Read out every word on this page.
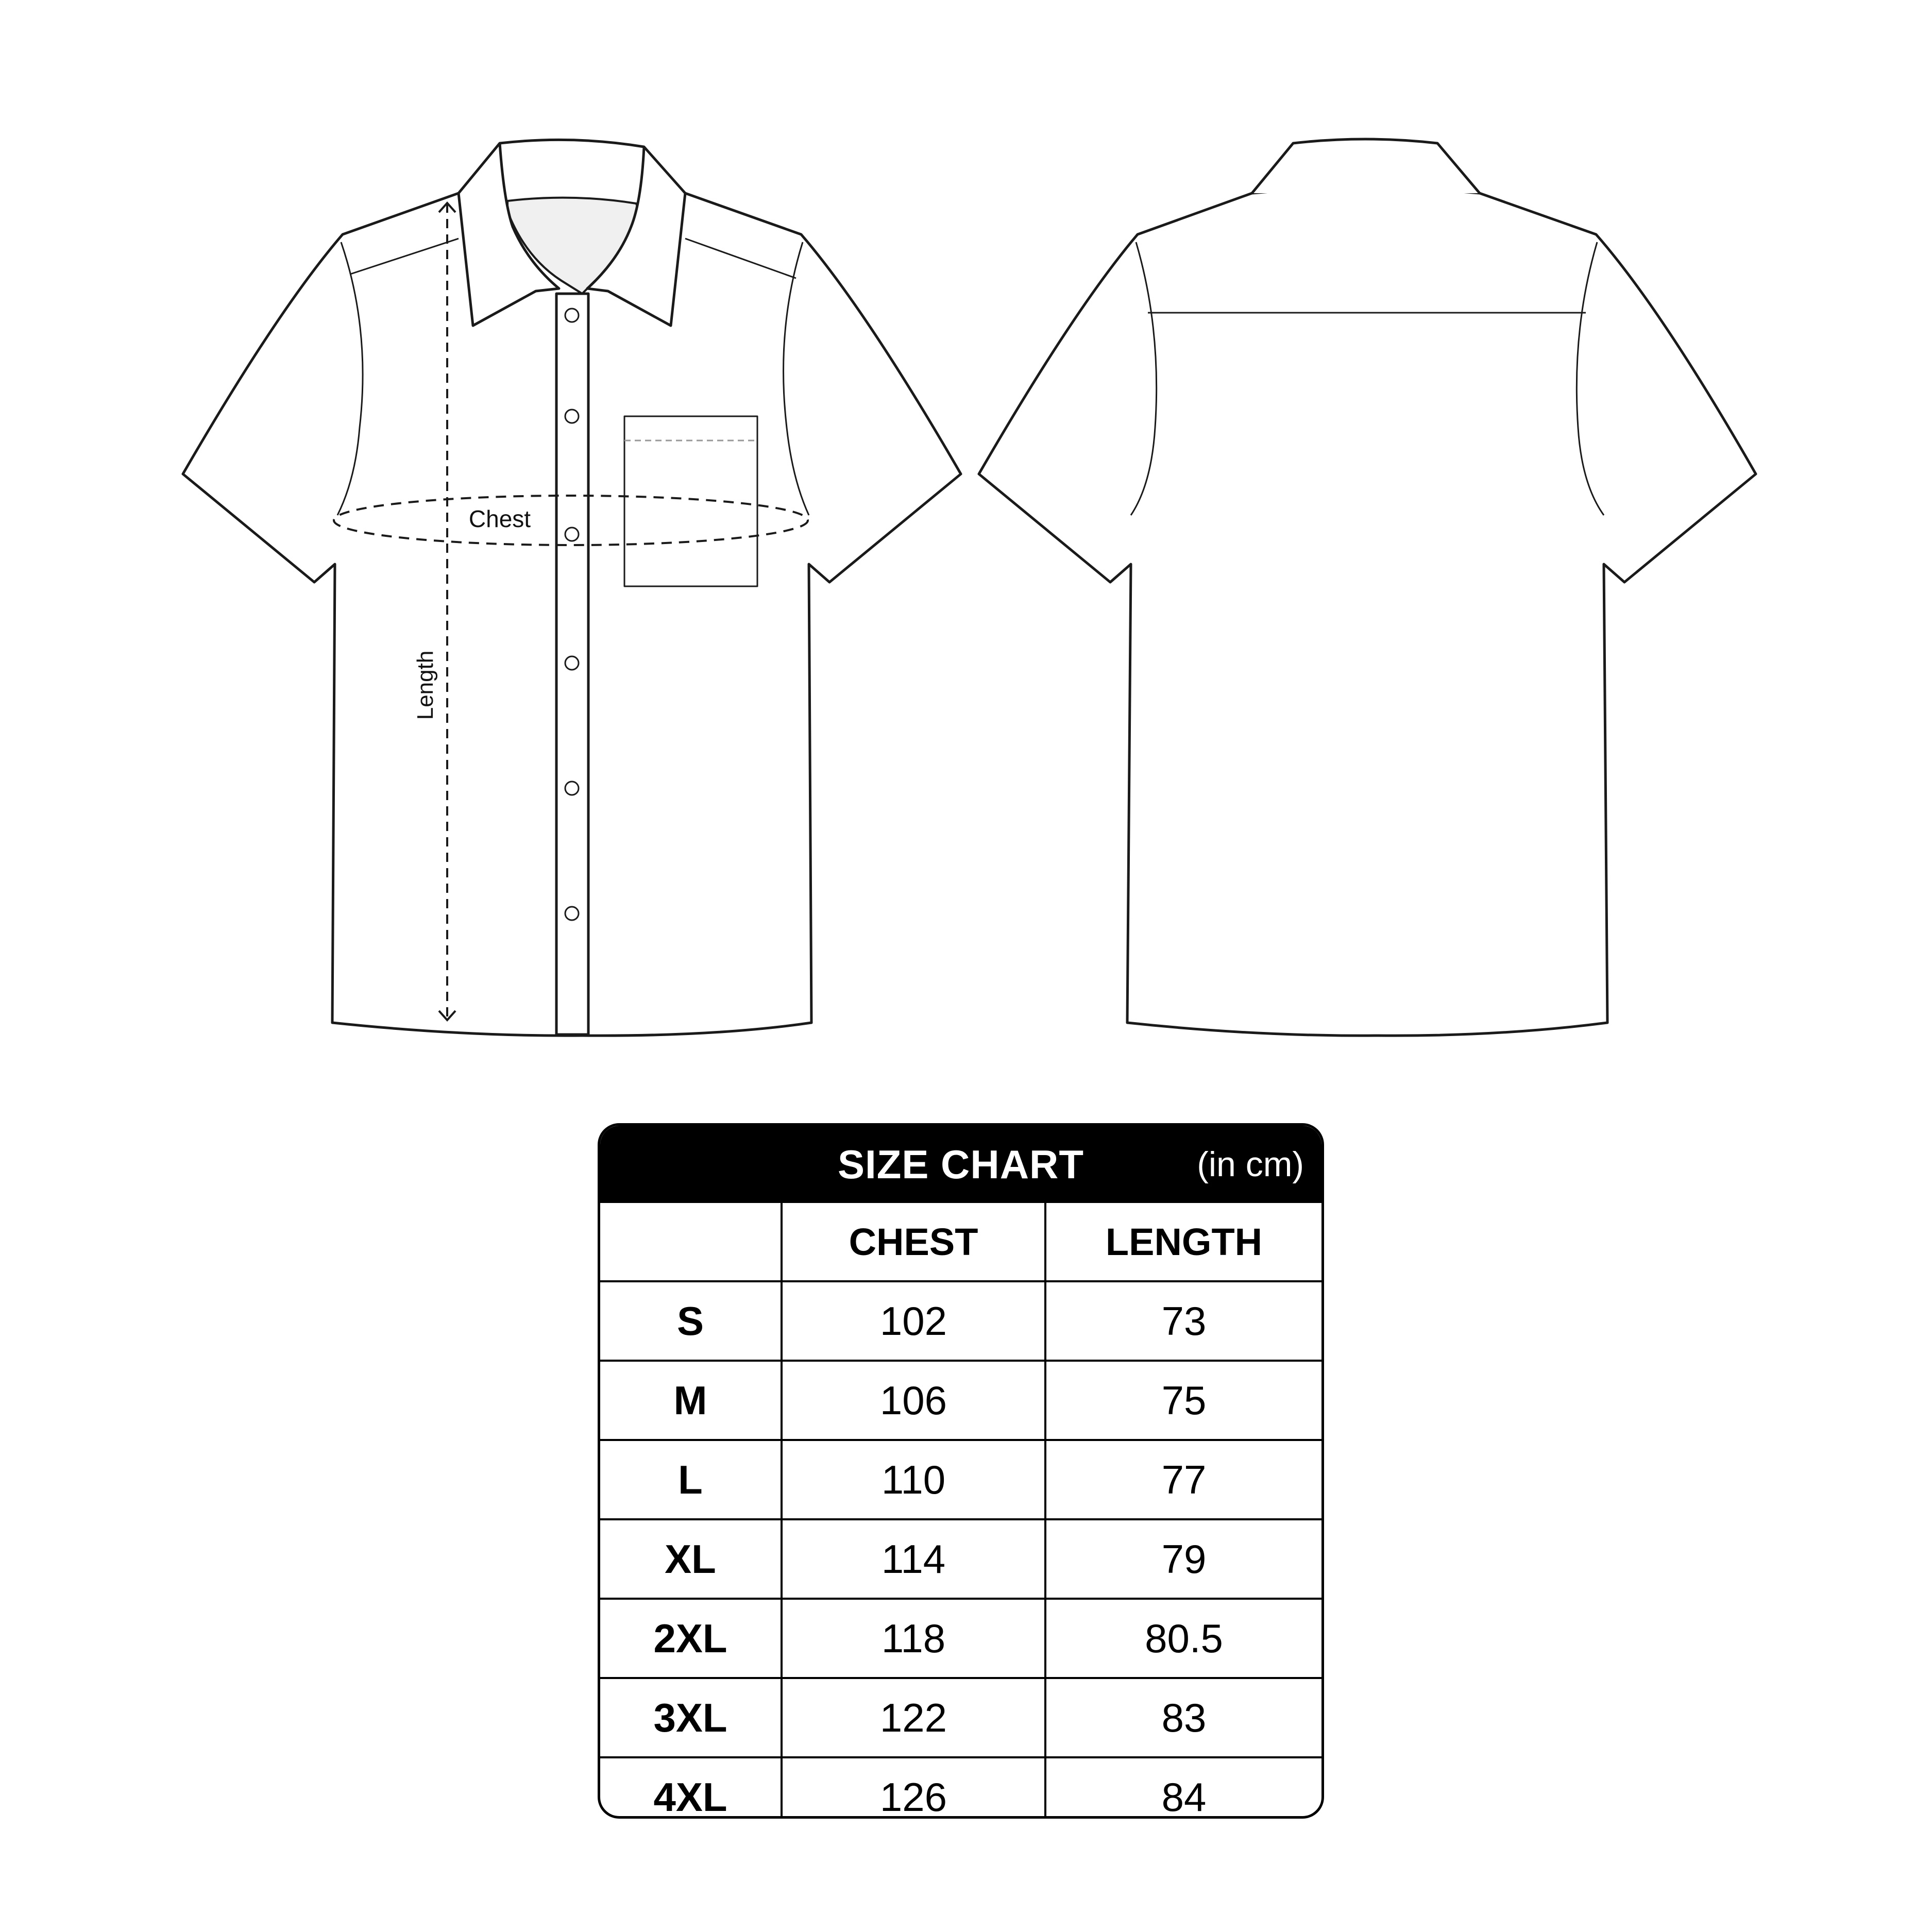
Chest
Length
SIZE CHART	(in cm)
	CHEST	LENGTH
S	102	73
M	106	75
L	110	77
XL	114	79
2XL	118	80.5
3XL	122	83
4XL	126	84
